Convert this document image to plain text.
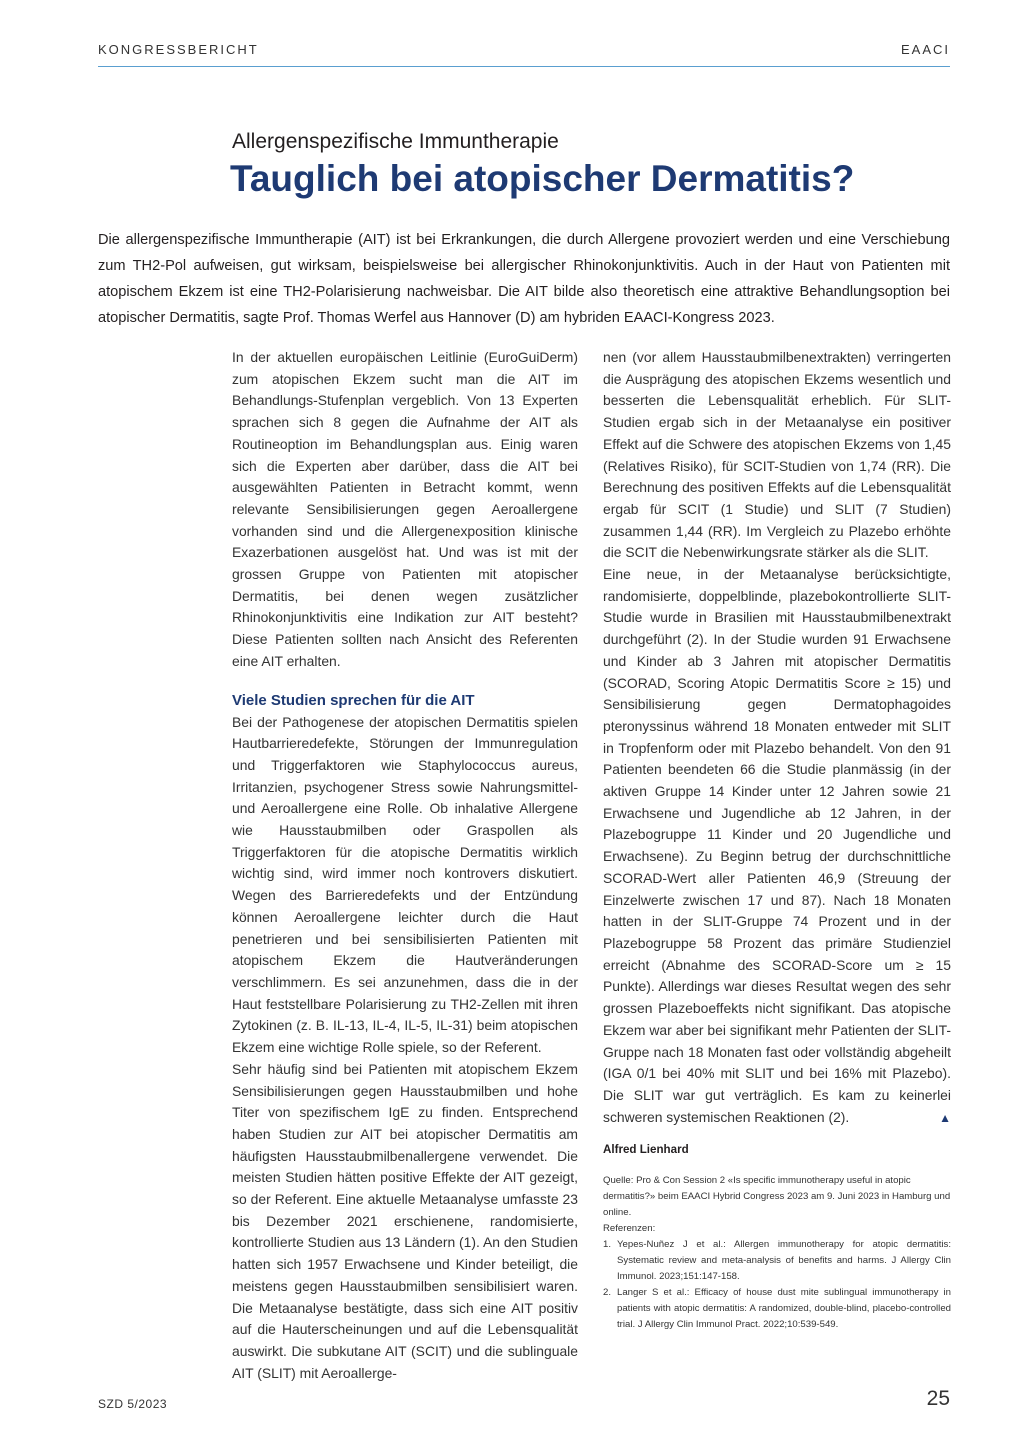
KONGRESSBERICHT	EAACI
Allergenspezifische Immuntherapie
Tauglich bei atopischer Dermatitis?
Die allergenspezifische Immuntherapie (AIT) ist bei Erkrankungen, die durch Allergene provoziert werden und eine Verschiebung zum TH2-Pol aufweisen, gut wirksam, beispielsweise bei allergischer Rhinokonjunktivitis. Auch in der Haut von Patienten mit atopischem Ekzem ist eine TH2-Polarisierung nachweisbar. Die AIT bilde also theoretisch eine attraktive Behandlungsoption bei atopischer Dermatitis, sagte Prof. Thomas Werfel aus Hannover (D) am hybriden EAACI-Kongress 2023.

In der aktuellen europäischen Leitlinie (EuroGuiDerm) zum atopischen Ekzem sucht man die AIT im Behandlungs-Stufenplan vergeblich. Von 13 Experten sprachen sich 8 gegen die Aufnahme der AIT als Routineoption im Behandlungsplan aus. Einig waren sich die Experten aber darüber, dass die AIT bei ausgewählten Patienten in Betracht kommt, wenn relevante Sensibilisierungen gegen Aeroallergene vorhanden sind und die Allergenexposition klinische Exazerbationen ausgelöst hat. Und was ist mit der grossen Gruppe von Patienten mit atopischer Dermatitis, bei denen wegen zusätzlicher Rhinokonjunktivitis eine Indikation zur AIT besteht? Diese Patienten sollten nach Ansicht des Referenten eine AIT erhalten.

Viele Studien sprechen für die AIT

Bei der Pathogenese der atopischen Dermatitis spielen Hautbarrieredefekte, Störungen der Immunregulation und Triggerfaktoren wie Staphylococcus aureus, Irritanzien, psychogener Stress sowie Nahrungsmittel- und Aeroallergene eine Rolle. Ob inhalative Allergene wie Hausstaubmilben oder Graspollen als Triggerfaktoren für die atopische Dermatitis wirklich wichtig sind, wird immer noch kontrovers diskutiert. Wegen des Barrieredefekts und der Entzündung können Aeroallergene leichter durch die Haut penetrieren und bei sensibilisierten Patienten mit atopischem Ekzem die Hautveränderungen verschlimmern. Es sei anzunehmen, dass die in der Haut feststellbare Polarisierung zu TH2-Zellen mit ihren Zytokinen (z. B. IL-13, IL-4, IL-5, IL-31) beim atopischen Ekzem eine wichtige Rolle spiele, so der Referent.

Sehr häufig sind bei Patienten mit atopischem Ekzem Sensibilisierungen gegen Hausstaubmilben und hohe Titer von spezifischem IgE zu finden. Entsprechend haben Studien zur AIT bei atopischer Dermatitis am häufigsten Hausstaubmilbenallergene verwendet. Die meisten Studien hätten positive Effekte der AIT gezeigt, so der Referent. Eine aktuelle Metaanalyse umfasste 23 bis Dezember 2021 erschienene, randomisierte, kontrollierte Studien aus 13 Ländern (1). An den Studien hatten sich 1957 Erwachsene und Kinder beteiligt, die meistens gegen Hausstaubmilben sensibilisiert waren. Die Metaanalyse bestätigte, dass sich eine AIT positiv auf die Hauterscheinungen und auf die Lebensqualität auswirkt. Die subkutane AIT (SCIT) und die sublinguale AIT (SLIT) mit Aeroallerge-

nen (vor allem Hausstaubmilbenextrakten) verringerten die Ausprägung des atopischen Ekzems wesentlich und besserten die Lebensqualität erheblich. Für SLIT-Studien ergab sich in der Metaanalyse ein positiver Effekt auf die Schwere des atopischen Ekzems von 1,45 (Relatives Risiko), für SCIT-Studien von 1,74 (RR). Die Berechnung des positiven Effekts auf die Lebensqualität ergab für SCIT (1 Studie) und SLIT (7 Studien) zusammen 1,44 (RR). Im Vergleich zu Plazebo erhöhte die SCIT die Nebenwirkungsrate stärker als die SLIT.

Eine neue, in der Metaanalyse berücksichtigte, randomisierte, doppelblinde, plazebokontrollierte SLIT-Studie wurde in Brasilien mit Hausstaubmilbenextrakt durchgeführt (2). In der Studie wurden 91 Erwachsene und Kinder ab 3 Jahren mit atopischer Dermatitis (SCORAD, Scoring Atopic Dermatitis Score ≥ 15) und Sensibilisierung gegen Dermatophagoides pteronyssinus während 18 Monaten entweder mit SLIT in Tropfenform oder mit Plazebo behandelt. Von den 91 Patienten beendeten 66 die Studie planmässig (in der aktiven Gruppe 14 Kinder unter 12 Jahren sowie 21 Erwachsene und Jugendliche ab 12 Jahren, in der Plazebogruppe 11 Kinder und 20 Jugendliche und Erwachsene). Zu Beginn betrug der durchschnittliche SCORAD-Wert aller Patienten 46,9 (Streuung der Einzelwerte zwischen 17 und 87). Nach 18 Monaten hatten in der SLIT-Gruppe 74 Prozent und in der Plazebogruppe 58 Prozent das primäre Studienziel erreicht (Abnahme des SCORAD-Score um ≥ 15 Punkte). Allerdings war dieses Resultat wegen des sehr grossen Plazeboeffekts nicht signifikant. Das atopische Ekzem war aber bei signifikant mehr Patienten der SLIT-Gruppe nach 18 Monaten fast oder vollständig abgeheilt (IGA 0/1 bei 40% mit SLIT und bei 16% mit Plazebo). Die SLIT war gut verträglich. Es kam zu keinerlei schweren systemischen Reaktionen (2).	▲

Alfred Lienhard
Quelle: Pro & Con Session 2 «Is specific immunotherapy useful in atopic dermatitis?» beim EAACI Hybrid Congress 2023 am 9. Juni 2023 in Hamburg und online.

Referenzen:

1. Yepes-Nuñez J et al.: Allergen immunotherapy for atopic dermatitis: Systematic review and meta-analysis of benefits and harms. J Allergy Clin Immunol. 2023;151:147-158.
2. Langer S et al.: Efficacy of house dust mite sublingual immunotherapy in patients with atopic dermatitis: A randomized, double-blind, placebo-controlled trial. J Allergy Clin Immunol Pract. 2022;10:539-549.
SZD 5/2023	25
